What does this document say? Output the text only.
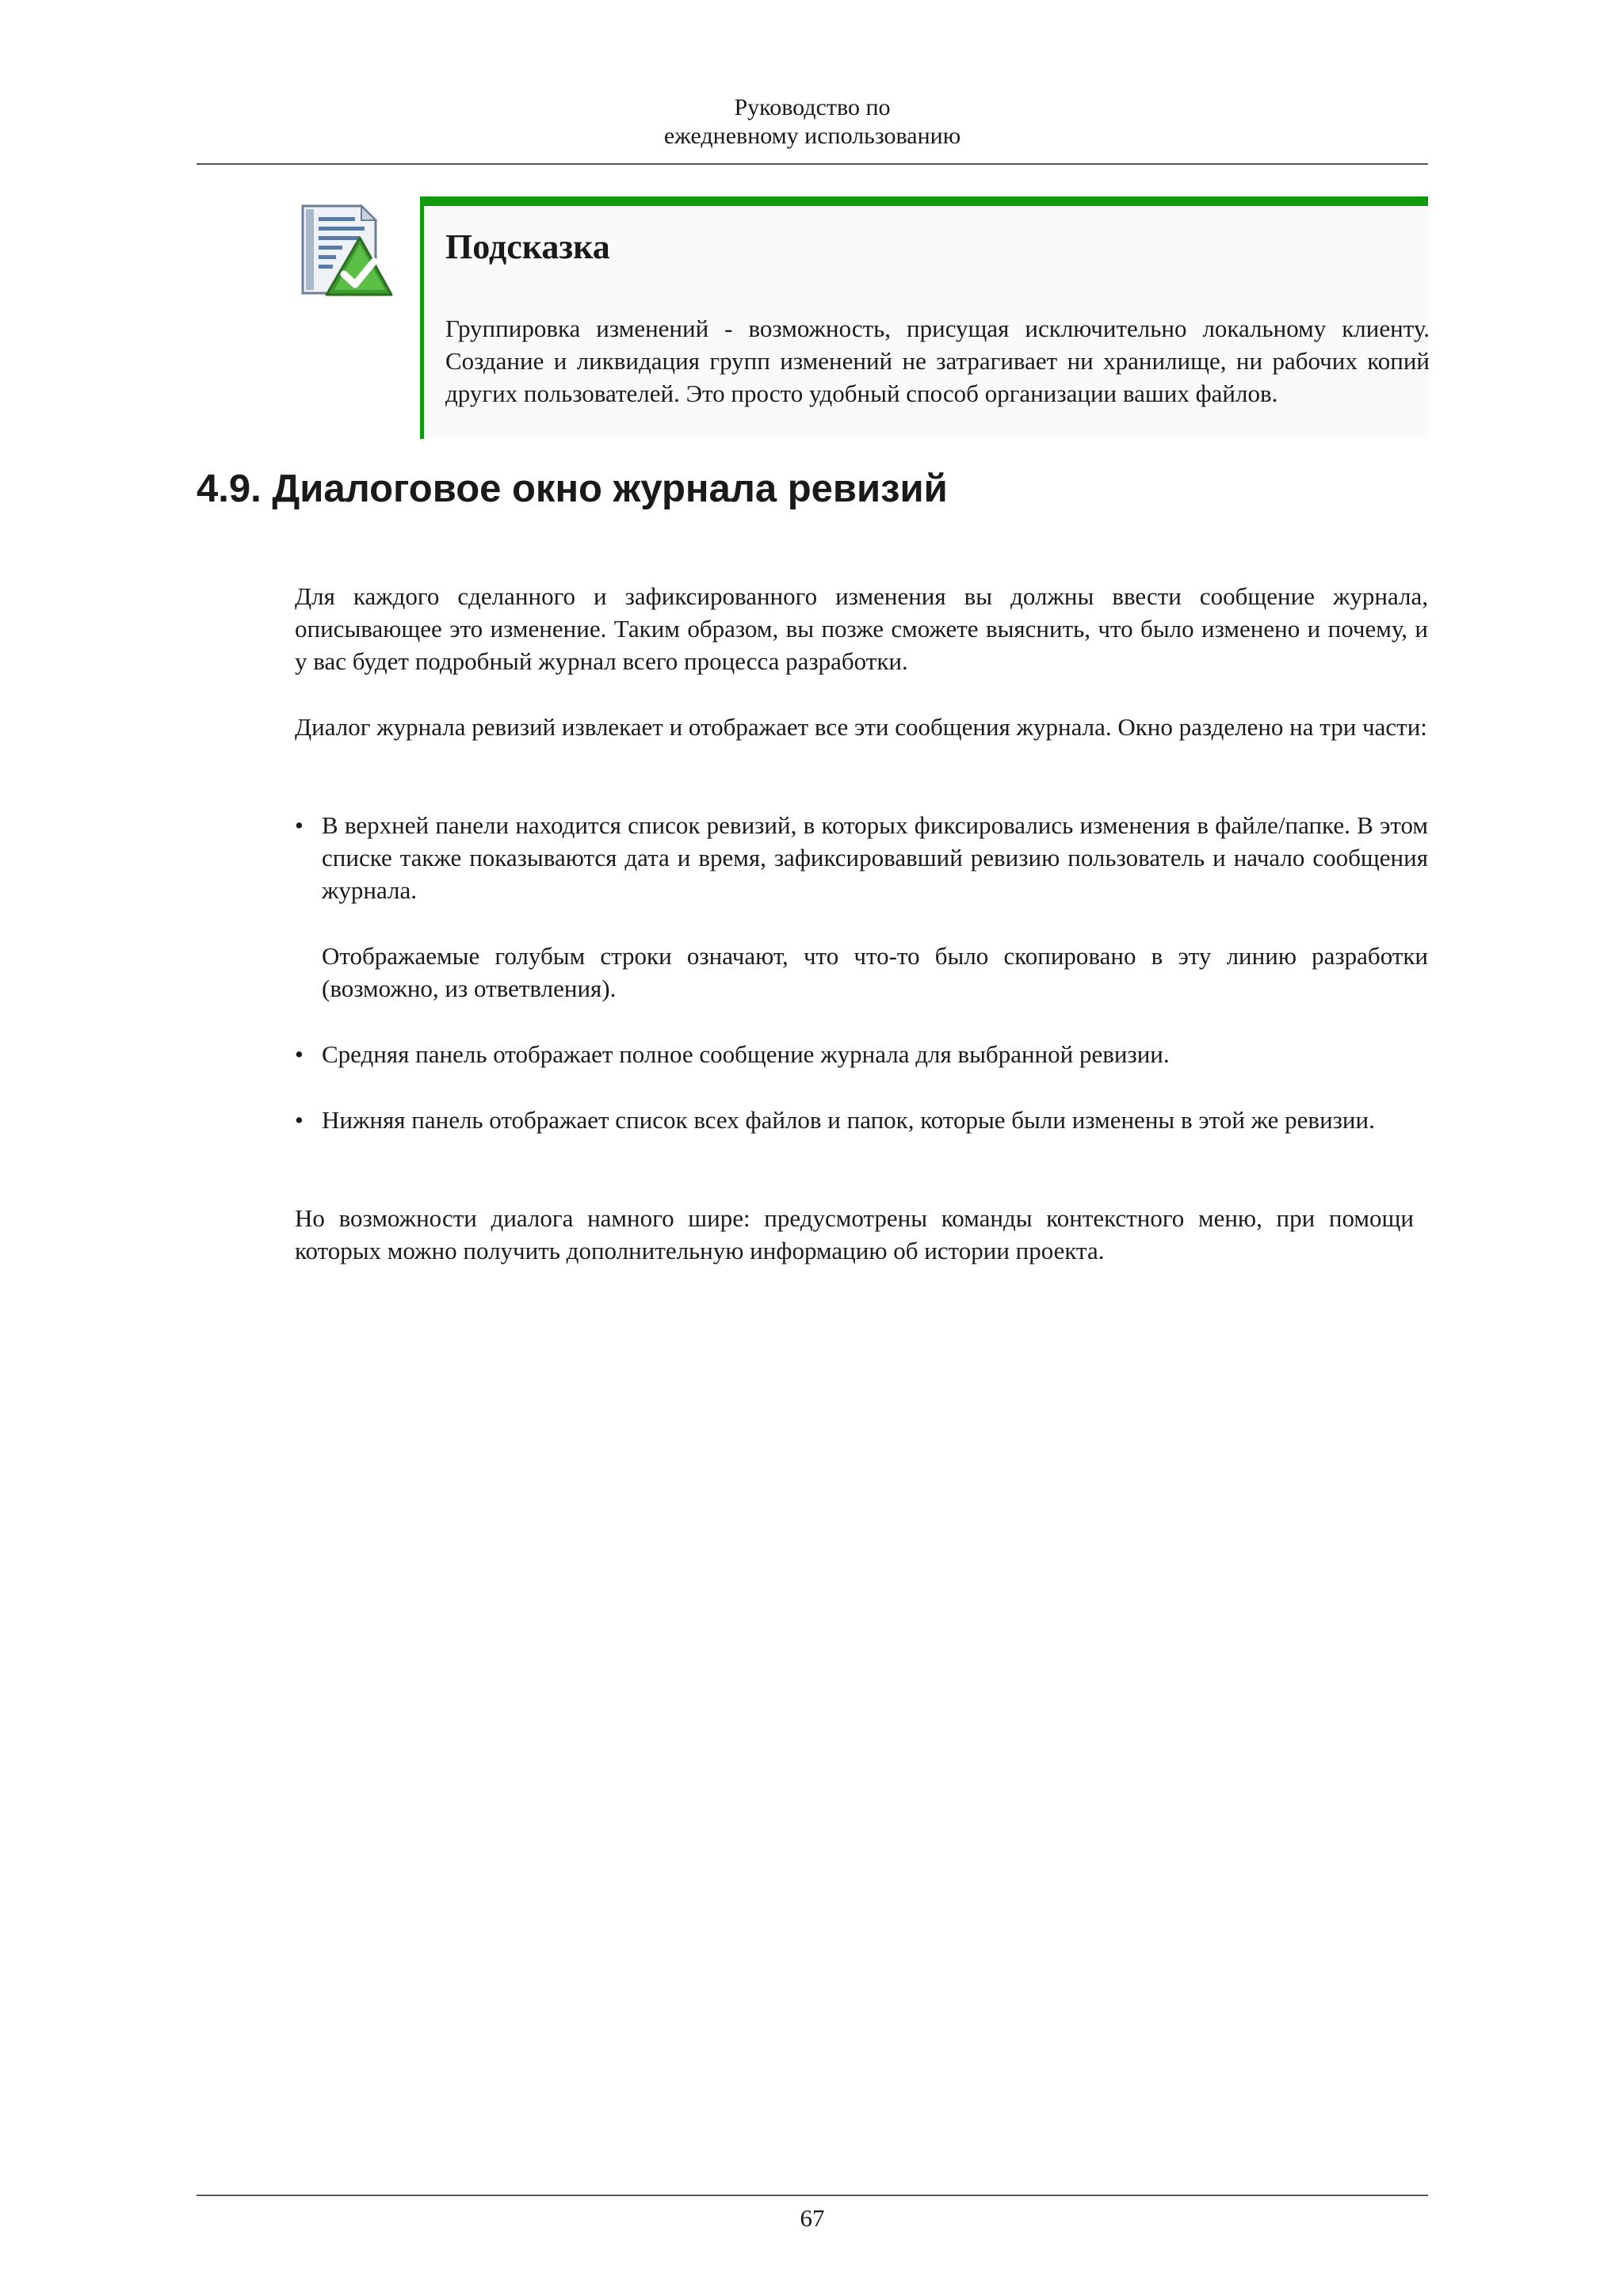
Руководство по
ежедневному использованию
Подсказка

Группировка изменений - возможность, присущая исключительно локальному клиенту. Создание и ликвидация групп изменений не затрагивает ни хранилище, ни рабочих копий других пользователей. Это просто удобный способ организации ваших файлов.

4.9. Диалоговое окно журнала ревизий

Для каждого сделанного и зафиксированного изменения вы должны ввести сообщение журнала, описывающее это изменение. Таким образом, вы позже сможете выяснить, что было изменено и почему, и у вас будет подробный журнал всего процесса разработки.

Диалог журнала ревизий извлекает и отображает все эти сообщения журнала. Окно разделено на три части:

• В верхней панели находится список ревизий, в которых фиксировались изменения в файле/папке. В этом списке также показываются дата и время, зафиксировавший ревизию пользователь и начало сообщения журнала.

Отображаемые голубым строки означают, что что-то было скопировано в эту линию разработки (возможно, из ответвления).

• Средняя панель отображает полное сообщение журнала для выбранной ревизии.

• Нижняя панель отображает список всех файлов и папок, которые были изменены в этой же ревизии.

Но возможности диалога намного шире: предусмотрены команды контекстного меню, при помощи которых можно получить дополнительную информацию об истории проекта.

67
